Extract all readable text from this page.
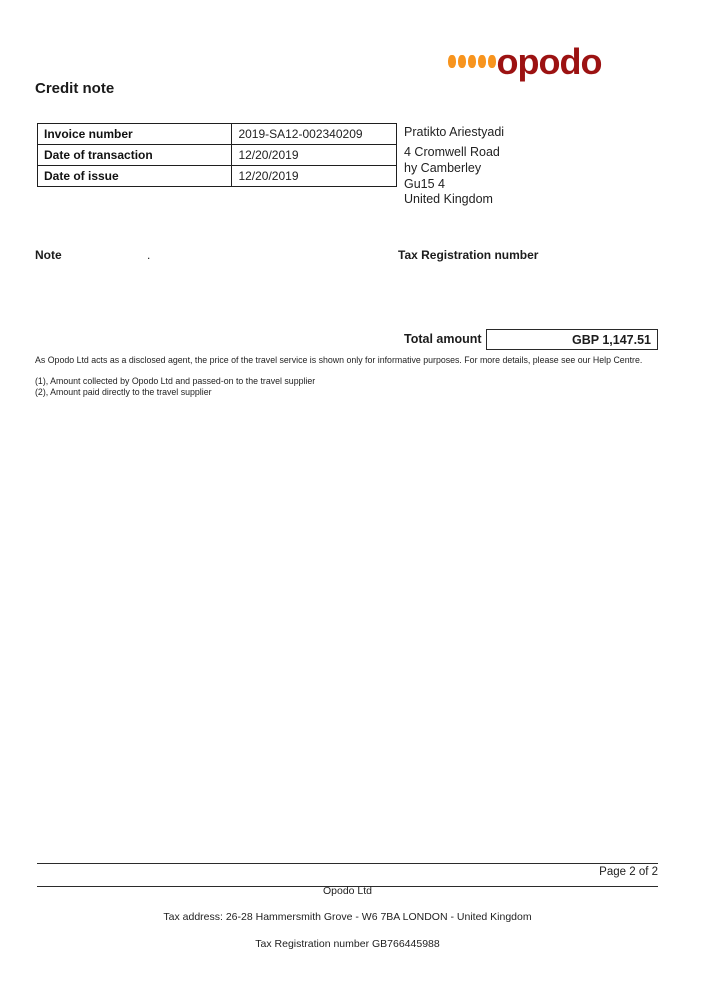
Credit note
opodo
Invoice number	2019-SA12-002340209
Date of transaction	12/20/2019
Date of issue	12/20/2019
Pratikto Ariestyadi
4 Cromwell Road
hy Camberley
Gu15 4
United Kingdom
Note	.	Tax Registration number
Total amount	GBP 1,147.51
As Opodo Ltd acts as a disclosed agent, the price of the travel service is shown only for informative purposes. For more details, please see our Help Centre.
(1), Amount collected by Opodo Ltd and passed-on to the travel supplier
(2), Amount paid directly to the travel supplier
Page 2 of 2
Opodo Ltd
Tax address: 26-28 Hammersmith Grove - W6 7BA LONDON - United Kingdom
Tax Registration number GB766445988
